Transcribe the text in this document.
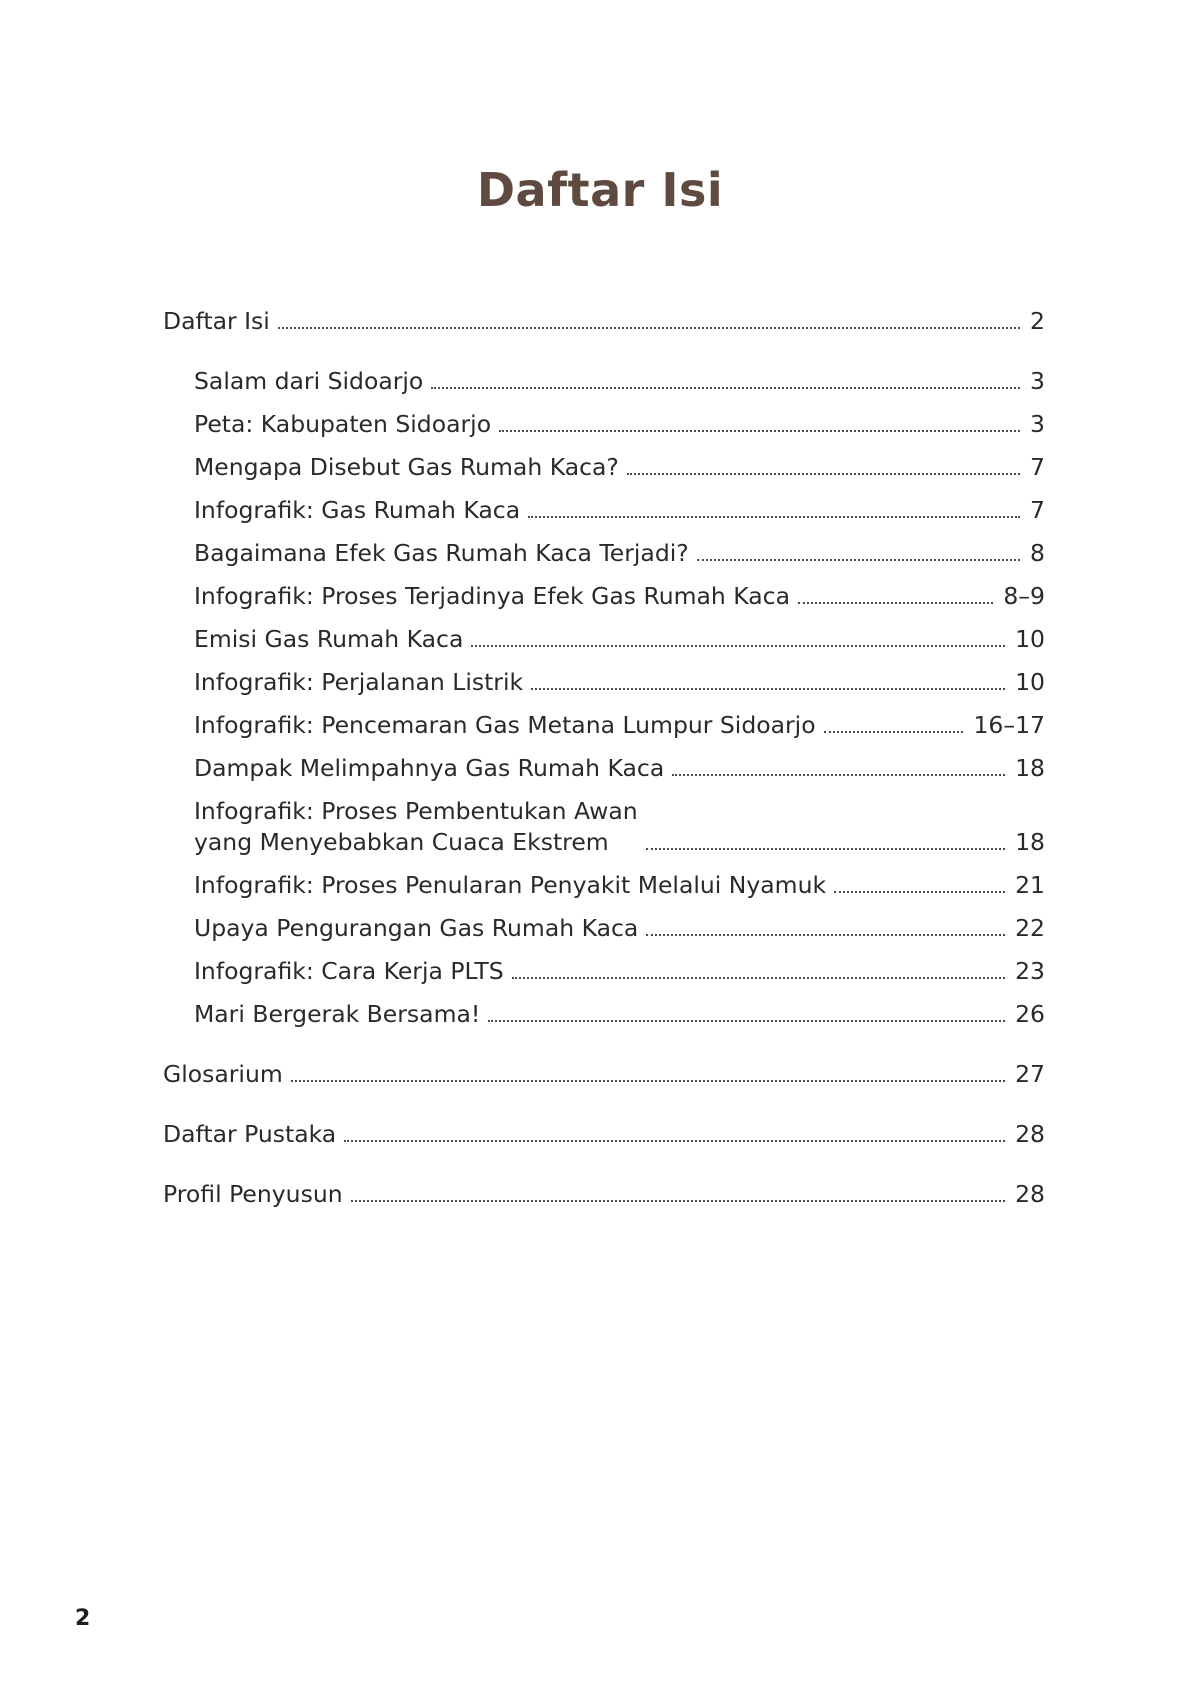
Daftar Isi
Daftar Isi	2
Salam dari Sidoarjo	3
Peta: Kabupaten Sidoarjo	3
Mengapa Disebut Gas Rumah Kaca?	7
Infografik: Gas Rumah Kaca	7
Bagaimana Efek Gas Rumah Kaca Terjadi?	8
Infografik: Proses Terjadinya Efek Gas Rumah Kaca	8–9
Emisi Gas Rumah Kaca	10
Infografik: Perjalanan Listrik	10
Infografik: Pencemaran Gas Metana Lumpur Sidoarjo	16–17
Dampak Melimpahnya Gas Rumah Kaca	18
Infografik: Proses Pembentukan Awan
yang Menyebabkan Cuaca Ekstrem	18
Infografik: Proses Penularan Penyakit Melalui Nyamuk	21
Upaya Pengurangan Gas Rumah Kaca	22
Infografik: Cara Kerja PLTS	23
Mari Bergerak Bersama!	26
Glosarium	27
Daftar Pustaka	28
Profil Penyusun	28
2
